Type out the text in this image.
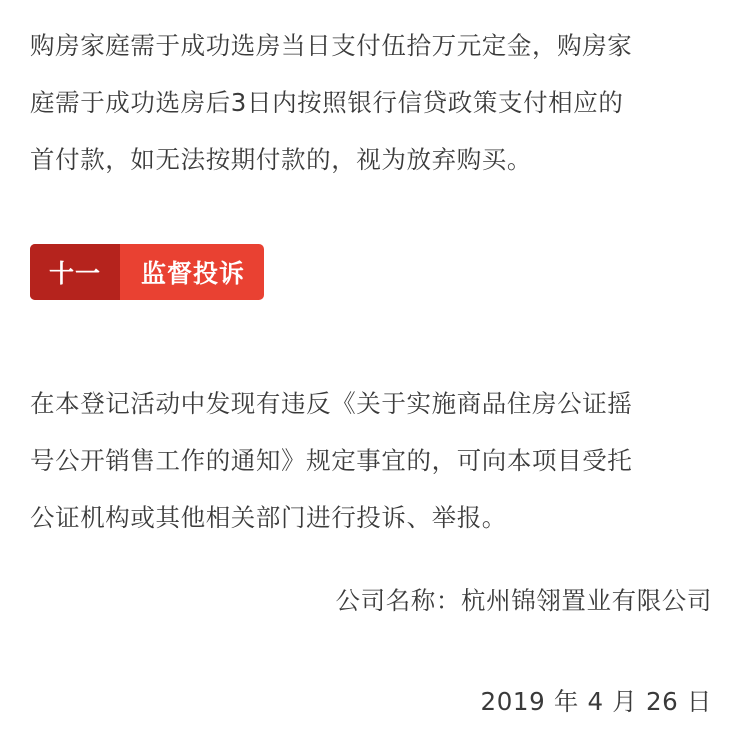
购房家庭需于成功选房当日支付伍拾万元定金，购房家
庭需于成功选房后3日内按照银行信贷政策支付相应的
首付款，如无法按期付款的，视为放弃购买。
十一	监督投诉
在本登记活动中发现有违反《关于实施商品住房公证摇
号公开销售工作的通知》规定事宜的，可向本项目受托
公证机构或其他相关部门进行投诉、举报。
公司名称：杭州锦翎置业有限公司
2019 年 4 月 26 日
